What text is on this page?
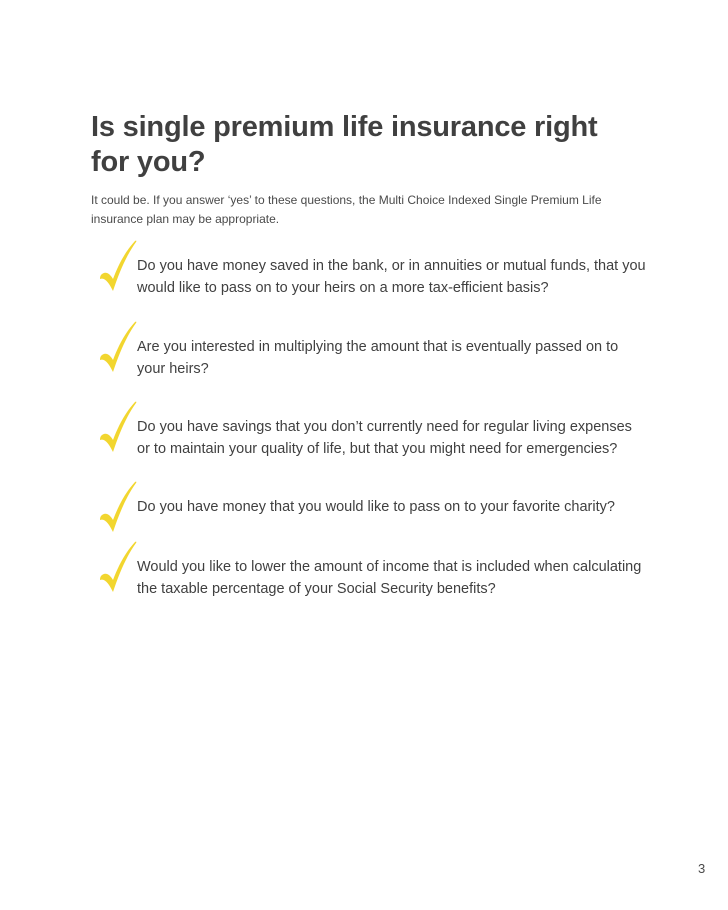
Is single premium life insurance right for you?

It could be. If you answer ‘yes’ to these questions, the Multi Choice Indexed Single Premium Life insurance plan may be appropriate.

Do you have money saved in the bank, or in annuities or mutual funds, that you would like to pass on to your heirs on a more tax-efficient basis?

Are you interested in multiplying the amount that is eventually passed on to your heirs?

Do you have savings that you don’t currently need for regular living expenses or to maintain your quality of life, but that you might need for emergencies?

Do you have money that you would like to pass on to your favorite charity?

Would you like to lower the amount of income that is included when calculating the taxable percentage of your Social Security benefits?

3
